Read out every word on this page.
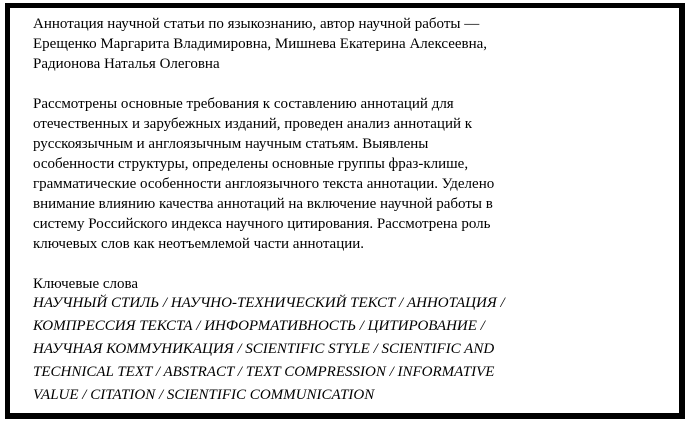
Аннотация научной статьи по языкознанию, автор научной работы —
Ерещенко Маргарита Владимировна, Мишнева Екатерина Алексеевна,
Радионова Наталья Олеговна
Рассмотрены основные требования к составлению аннотаций для
отечественных и зарубежных изданий, проведен анализ аннотаций к
русскоязычным и англоязычным научным статьям. Выявлены
особенности структуры, определены основные группы фраз-клише,
грамматические особенности англоязычного текста аннотации. Уделено
внимание влиянию качества аннотаций на включение научной работы в
систему Российского индекса научного цитирования. Рассмотрена роль
ключевых слов как неотъемлемой части аннотации.
Ключевые слова
НАУЧНЫЙ СТИЛЬ / НАУЧНО-ТЕХНИЧЕСКИЙ ТЕКСТ / АННОТАЦИЯ /
КОМПРЕССИЯ ТЕКСТА / ИНФОРМАТИВНОСТЬ / ЦИТИРОВАНИЕ /
НАУЧНАЯ КОММУНИКАЦИЯ / SCIENTIFIC STYLE / SCIENTIFIC AND
TECHNICAL TEXT / ABSTRACT / TEXT COMPRESSION / INFORMATIVE
VALUE / CITATION / SCIENTIFIC COMMUNICATION
